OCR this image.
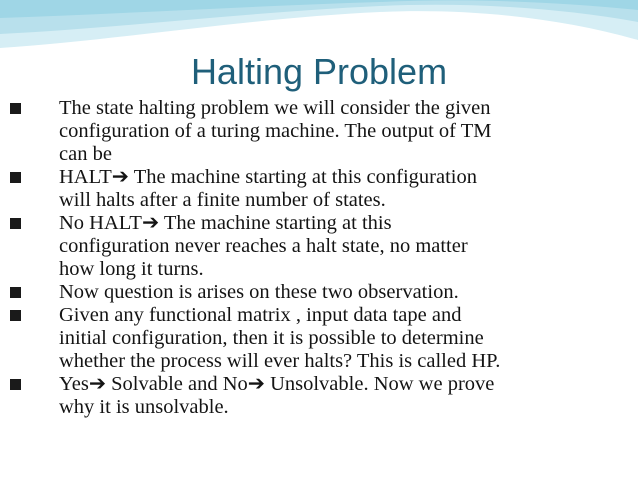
Halting Problem
The state halting problem we will consider the given
configuration of a turing machine. The output of TM
can be
HALT➔ The machine starting at this configuration
will halts after a finite number of states.
No HALT➔ The machine starting at this
configuration never reaches a halt state, no matter
how long it turns.
Now question is arises on these two observation.
Given any functional matrix , input data tape and
initial configuration, then it is possible to determine
whether the process will ever halts? This is called HP.
Yes➔ Solvable and No➔ Unsolvable. Now we prove
why it is unsolvable.
